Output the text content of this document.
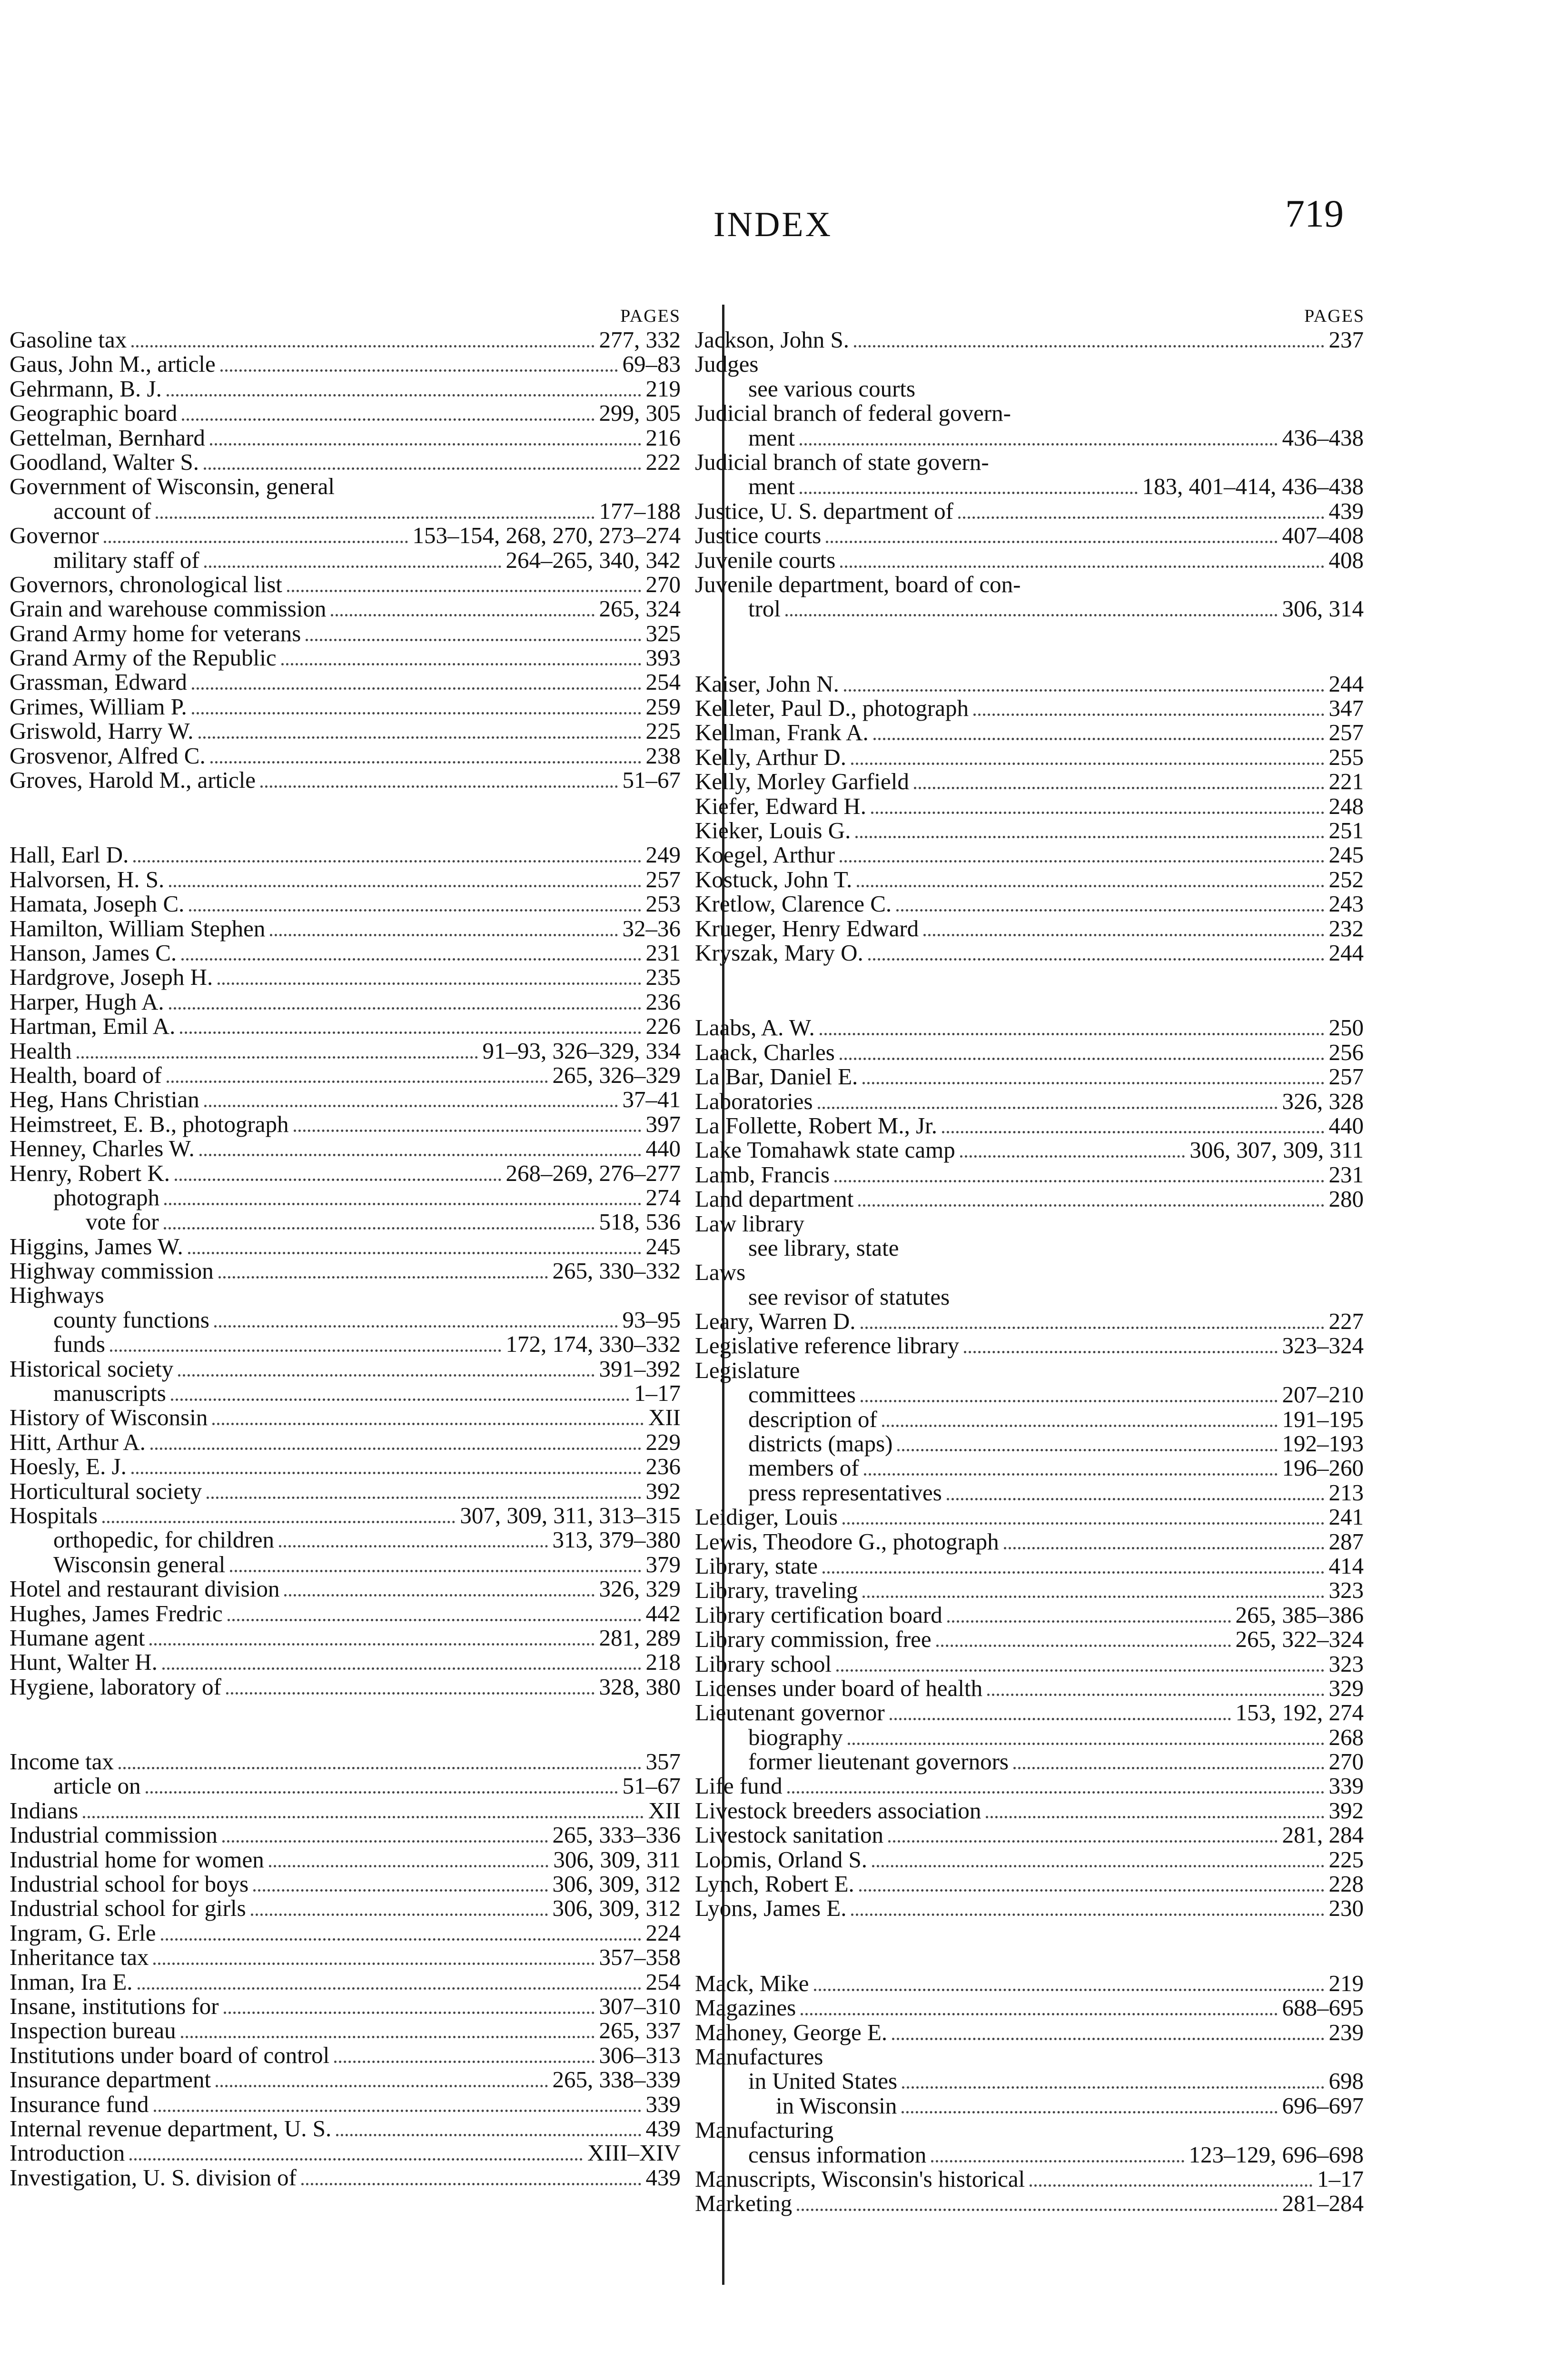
INDEX	719
PAGES
Gasoline tax	277, 332
Gaus, John M., article	69–83
Gehrmann, B. J.	219
Geographic board	299, 305
Gettelman, Bernhard	216
Goodland, Walter S.	222
Government of Wisconsin, general
account of	177–188
Governor	153–154, 268, 270, 273–274
military staff of	264–265, 340, 342
Governors, chronological list	270
Grain and warehouse commission	265, 324
Grand Army home for veterans	325
Grand Army of the Republic	393
Grassman, Edward	254
Grimes, William P.	259
Griswold, Harry W.	225
Grosvenor, Alfred C.	238
Groves, Harold M., article	51–67
Hall, Earl D.	249
Halvorsen, H. S.	257
Hamata, Joseph C.	253
Hamilton, William Stephen	32–36
Hanson, James C.	231
Hardgrove, Joseph H.	235
Harper, Hugh A.	236
Hartman, Emil A.	226
Health	91–93, 326–329, 334
Health, board of	265, 326–329
Heg, Hans Christian	37–41
Heimstreet, E. B., photograph	397
Henney, Charles W.	440
Henry, Robert K.	268–269, 276–277
photograph	274
vote for	518, 536
Higgins, James W.	245
Highway commission	265, 330–332
Highways
county functions	93–95
funds	172, 174, 330–332
Historical society	391–392
manuscripts	1–17
History of Wisconsin	XII
Hitt, Arthur A.	229
Hoesly, E. J.	236
Horticultural society	392
Hospitals	307, 309, 311, 313–315
orthopedic, for children	313, 379–380
Wisconsin general	379
Hotel and restaurant division	326, 329
Hughes, James Fredric	442
Humane agent	281, 289
Hunt, Walter H.	218
Hygiene, laboratory of	328, 380
Income tax	357
article on	51–67
Indians	XII
Industrial commission	265, 333–336
Industrial home for women	306, 309, 311
Industrial school for boys	306, 309, 312
Industrial school for girls	306, 309, 312
Ingram, G. Erle	224
Inheritance tax	357–358
Inman, Ira E.	254
Insane, institutions for	307–310
Inspection bureau	265, 337
Institutions under board of control	306–313
Insurance department	265, 338–339
Insurance fund	339
Internal revenue department, U. S.	439
Introduction	XIII–XIV
Investigation, U. S. division of	439
PAGES
Jackson, John S.	237
Judges
see various courts
Judicial branch of federal govern-
ment	436–438
Judicial branch of state govern-
ment	183, 401–414, 436–438
Justice, U. S. department of	439
Justice courts	407–408
Juvenile courts	408
Juvenile department, board of con-
trol	306, 314
Kaiser, John N.	244
Kelleter, Paul D., photograph	347
Kellman, Frank A.	257
Kelly, Arthur D.	255
Kelly, Morley Garfield	221
Kiefer, Edward H.	248
Kieker, Louis G.	251
Koegel, Arthur	245
Kostuck, John T.	252
Kretlow, Clarence C.	243
Krueger, Henry Edward	232
Kryszak, Mary O.	244
Laabs, A. W.	250
Laack, Charles	256
La Bar, Daniel E.	257
Laboratories	326, 328
La Follette, Robert M., Jr.	440
Lake Tomahawk state camp	306, 307, 309, 311
Lamb, Francis	231
Land department	280
Law library
see library, state
Laws
see revisor of statutes
Leary, Warren D.	227
Legislative reference library	323–324
Legislature
committees	207–210
description of	191–195
districts (maps)	192–193
members of	196–260
press representatives	213
Leidiger, Louis	241
Lewis, Theodore G., photograph	287
Library, state	414
Library, traveling	323
Library certification board	265, 385–386
Library commission, free	265, 322–324
Library school	323
Licenses under board of health	329
Lieutenant governor	153, 192, 274
biography	268
former lieutenant governors	270
Life fund	339
Livestock breeders association	392
Livestock sanitation	281, 284
Loomis, Orland S.	225
Lynch, Robert E.	228
Lyons, James E.	230
Mack, Mike	219
Magazines	688–695
Mahoney, George E.	239
Manufactures
in United States	698
in Wisconsin	696–697
Manufacturing
census information	123–129, 696–698
Manuscripts, Wisconsin's historical	1–17
Marketing	281–284
